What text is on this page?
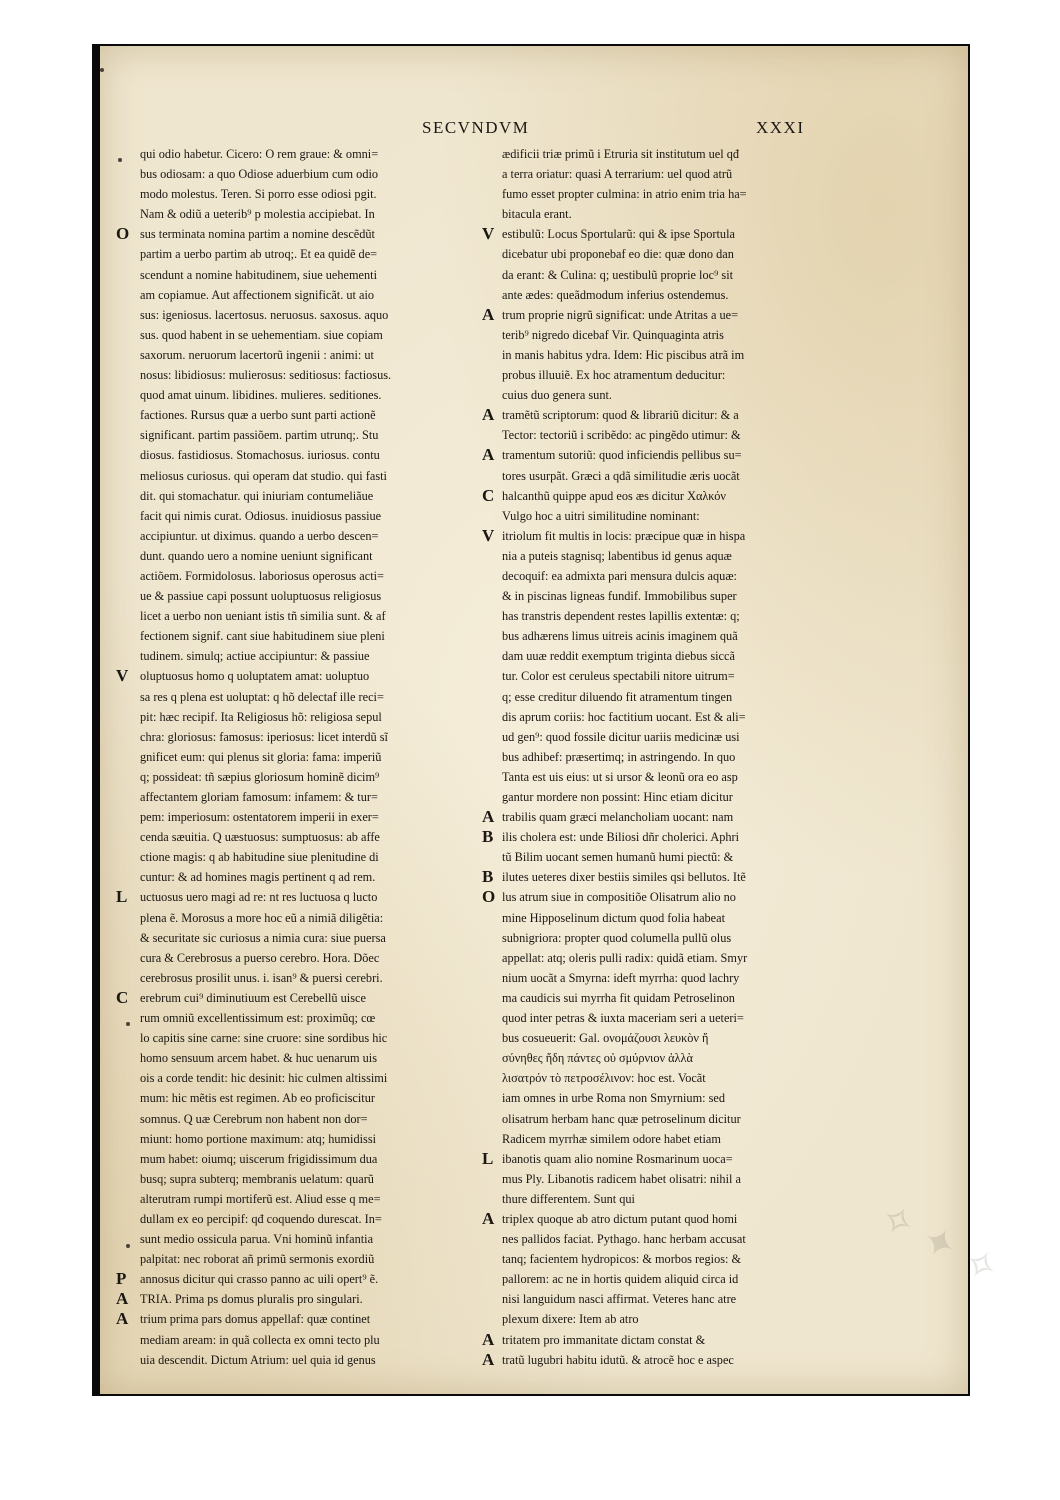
✧ ✦ ✧
SECVNDVM	XXXI
qui odio habetur. Cicero: O rem graue: & omni=
bus odiosam: a quo Odiose aduerbium cum odio
modo molestus. Teren. Si porro esse odiosi pgit.
Nam & odiũ a ueterib⁹ p molestia accipiebat. In
O sus terminata nomina partim a nomine descẽdũt
partim a uerbo partim ab utroq;. Et ea quidẽ de=
scendunt a nomine habitudinem, siue uehementi
am copiamue. Aut affectionem significãt. ut aio
sus: igeniosus. lacertosus. neruosus. saxosus. aquo
sus. quod habent in se uehementiam. siue copiam
saxorum. neruorum lacertorũ ingenii : animi: ut
nosus: libidiosus: mulierosus: seditiosus: factiosus.
quod amat uinum. libidines. mulieres. seditiones.
factiones. Rursus quæ a uerbo sunt parti actionẽ
significant. partim passiõem. partim utrunq;. Stu
diosus. fastidiosus. Stomachosus. iuriosus. contu
meliosus curiosus. qui operam dat studio. qui fasti
dit. qui stomachatur. qui iniuriam contumeliãue
facit qui nimis curat. Odiosus. inuidiosus passiue
accipiuntur. ut diximus. quando a uerbo descen=
dunt. quando uero a nomine ueniunt significant
actiõem. Formidolosus. laboriosus operosus acti=
ue & passiue capi possunt uoluptuosus religiosus
licet a uerbo non ueniant istis tñ similia sunt. & af
fectionem signif. cant siue habitudinem siue pleni
tudinem. simulq; actiue accipiuntur: & passiue
V oluptuosus homo q uoluptatem amat: uoluptuo
sa res q plena est uoluptat: q hõ delectaf ille reci=
pit: hæc recipif. Ita Religiosus hõ: religiosa sepul
chra: gloriosus: famosus: iperiosus: licet interdũ sĩ
gnificet eum: qui plenus sit gloria: fama: imperiũ
q; possideat: tñ sæpius gloriosum hominẽ dicim⁹
affectantem gloriam famosum: infamem: & tur=
pem: imperiosum: ostentatorem imperii in exer=
cenda sæuitia. Q uæstuosus: sumptuosus: ab affe
ctione magis: q ab habitudine siue plenitudine di
cuntur: & ad homines magis pertinent q ad rem.
L uctuosus uero magi ad re: nt res luctuosa q lucto
plena ẽ. Morosus a more hoc eũ a nimiã diligẽtia:
& securitate sic curiosus a nimia cura: siue puersa
cura & Cerebrosus a puerso cerebro. Hora. Dõec
cerebrosus prosilit unus. i. isan⁹ & puersi cerebri.
C erebrum cui⁹ diminutiuum est Cerebellũ uisce
rum omniũ excellentissimum est: proximũq; cœ
lo capitis sine carne: sine cruore: sine sordibus hic
homo sensuum arcem habet. & huc uenarum uis
ois a corde tendit: hic desinit: hic culmen altissimi
mum: hic mẽtis est regimen. Ab eo proficiscitur
somnus. Q uæ Cerebrum non habent non dor=
miunt: homo portione maximum: atq; humidissi
mum habet: oiumq; uiscerum frigidissimum dua
busq; supra subterq; membranis uelatum: quarũ
alterutram rumpi mortiferũ est. Aliud esse q me=
dullam ex eo percipif: qđ coquendo durescat. In=
sunt medio ossicula parua. Vni hominũ infantia
palpitat: nec roborat añ primũ sermonis exordiũ
P annosus dicitur qui crasso panno ac uili opert⁹ ẽ.
A TRIA. Prima ps domus pluralis pro singulari.
A trium prima pars domus appellaf: quæ continet
mediam aream: in quã collecta ex omni tecto plu
uia descendit. Dictum Atrium: uel quia id genus
ædificii triæ primũ i Etruria sit institutum uel qđ
a terra oriatur: quasi A terrarium: uel quod atrũ
fumo esset propter culmina: in atrio enim tria ha=
bitacula erant.
V estibulũ: Locus Sportularũ: qui & ipse Sportula
dicebatur ubi proponebaf eo die: quæ dono dan
da erant: & Culina: q; uestibulũ proprie loc⁹ sit
ante ædes: queãdmodum inferius ostendemus.
A trum proprie nigrũ significat: unde Atritas a ue=
terib⁹ nigredo dicebaf Vir. Quinquaginta atris
in manis habitus ydra. Idem: Hic piscibus atrã im
probus illuuiẽ. Ex hoc atramentum deducitur:
cuius duo genera sunt.
A tramẽtũ scriptorum: quod & librariũ dicitur: & a
Tector: tectoriũ i scribẽdo: ac pingẽdo utimur: &
A tramentum sutoriũ: quod inficiendis pellibus su=
tores usurpãt. Græci a qdã similitudie æris uocãt
C halcanthũ quippe apud eos æs dicitur Χαλκόν
Vulgo hoc a uitri similitudine nominant:
V itriolum fit multis in locis: præcipue quæ in hispa
nia a puteis stagnisq; labentibus id genus aquæ
decoquif: ea admixta pari mensura dulcis aquæ:
& in piscinas ligneas fundif. Immobilibus super
has transtris dependent restes lapillis extentæ: q;
bus adhærens limus uitreis acinis imaginem quã
dam uuæ reddit exemptum triginta diebus siccã
tur. Color est ceruleus spectabili nitore uitrum=
q; esse creditur diluendo fit atramentum tingen
dis aprum coriis: hoc factitium uocant. Est & ali=
ud gen⁹: quod fossile dicitur uariis medicinæ usi
bus adhibef: præsertimq; in astringendo. In quo
Tanta est uis eius: ut si ursor & leonũ ora eo asp
gantur mordere non possint: Hinc etiam dicitur
A trabilis quam græci melancholiam uocant: nam
B ilis cholera est: unde Biliosi dñr cholerici. Aphri
tũ Bilim uocant semen humanũ humi piectũ: &
B ilutes ueteres dixer bestiis similes qsi bellutos. Itẽ
O lus atrum siue in compositiõe Olisatrum alio no
mine Hipposelinum dictum quod folia habeat
subnigriora: propter quod columella pullũ olus
appellat: atq; oleris pulli radix: quidã etiam. Smyr
nium uocãt a Smyrna: ideft myrrha: quod lachry
ma caudicis sui myrrha fit quidam Petroselinon
quod inter petras & iuxta maceriam seri a ueteri=
bus cosueuerit: Gal. ονομάζουσι λευκὸν ἤ
σύνηθες ἤδη πάντες οὐ σμύρνιον ἀλλὰ
λισατρόν τὸ πετροσέλινον: hoc est. Vocãt
iam omnes in urbe Roma non Smyrnium: sed
olisatrum herbam hanc quæ petroselinum dicitur
Radicem myrrhæ similem odore habet etiam
L ibanotis quam alio nomine Rosmarinum uoca=
mus Ply. Libanotis radicem habet olisatri: nihil a
thure differentem. Sunt qui
A triplex quoque ab atro dictum putant quod homi
nes pallidos faciat. Pythago. hanc herbam accusat
tanq; facientem hydropicos: & morbos regios: &
pallorem: ac ne in hortis quidem aliquid circa id
nisi languidum nasci affirmat. Veteres hanc atre
plexum dixere: Item ab atro
A tritatem pro immanitate dictam constat &
A tratũ lugubri habitu idutũ. & atrocẽ hoc e aspec
